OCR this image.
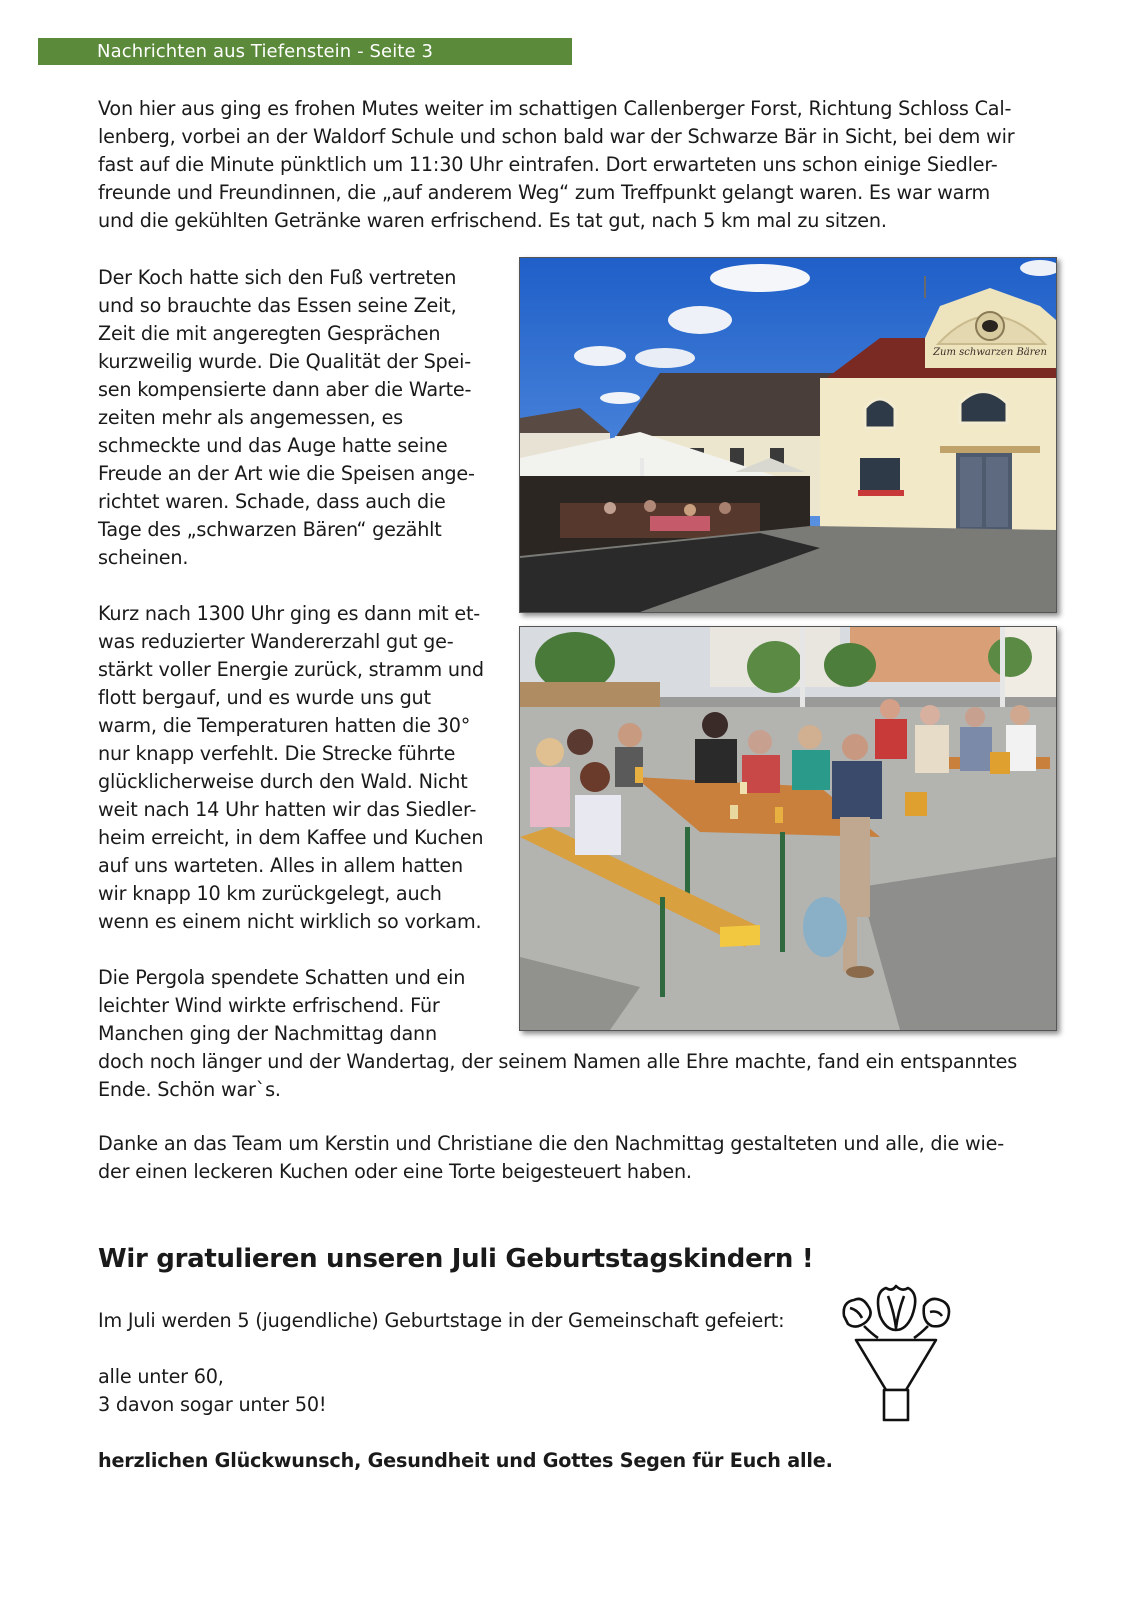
Nachrichten aus Tiefenstein - Seite 3

Von hier aus ging es frohen Mutes weiter im schattigen Callenberger Forst, Richtung Schloss Cal-
lenberg, vorbei an der Waldorf Schule und schon bald war der Schwarze Bär in Sicht, bei dem wir
fast auf die Minute pünktlich um 11:30 Uhr eintrafen. Dort erwarteten uns schon einige Siedler-
freunde und Freundinnen, die „auf anderem Weg“ zum Treffpunkt gelangt waren. Es war warm
und die gekühlten Getränke waren erfrischend. Es tat gut, nach 5 km mal zu sitzen.

Der Koch hatte sich den Fuß vertreten
und so brauchte das Essen seine Zeit,
Zeit die mit angeregten Gesprächen
kurzweilig wurde. Die Qualität der Spei-
sen kompensierte dann aber die Warte-
zeiten mehr als angemessen, es
schmeckte und das Auge hatte seine
Freude an der Art wie die Speisen ange-
richtet waren. Schade, dass auch die
Tage des „schwarzen Bären“ gezählt
scheinen.

Kurz nach 1300 Uhr ging es dann mit et-
was reduzierter Wandererzahl gut ge-
stärkt voller Energie zurück, stramm und
flott bergauf, und es wurde uns gut
warm, die Temperaturen hatten die 30°
nur knapp verfehlt. Die Strecke führte
glücklicherweise durch den Wald. Nicht
weit nach 14 Uhr hatten wir das Siedler-
heim erreicht, in dem Kaffee und Kuchen
auf uns warteten. Alles in allem hatten
wir knapp 10 km zurückgelegt, auch
wenn es einem nicht wirklich so vorkam.

Die Pergola spendete Schatten und ein
leichter Wind wirkte erfrischend. Für
Manchen ging der Nachmittag dann
doch noch länger und der Wandertag, der seinem Namen alle Ehre machte, fand ein entspanntes
Ende. Schön war`s.

Danke an das Team um Kerstin und Christiane die den Nachmittag gestalteten und alle, die wie-
der einen leckeren Kuchen oder eine Torte beigesteuert haben.

Wir gratulieren unseren Juli Geburtstagskindern !

Im Juli werden 5 (jugendliche) Geburtstage in der Gemeinschaft gefeiert:

alle unter 60,
3 davon sogar unter 50!

herzlichen Glückwunsch, Gesundheit und Gottes Segen für Euch alle.

Zum schwarzen Bären
